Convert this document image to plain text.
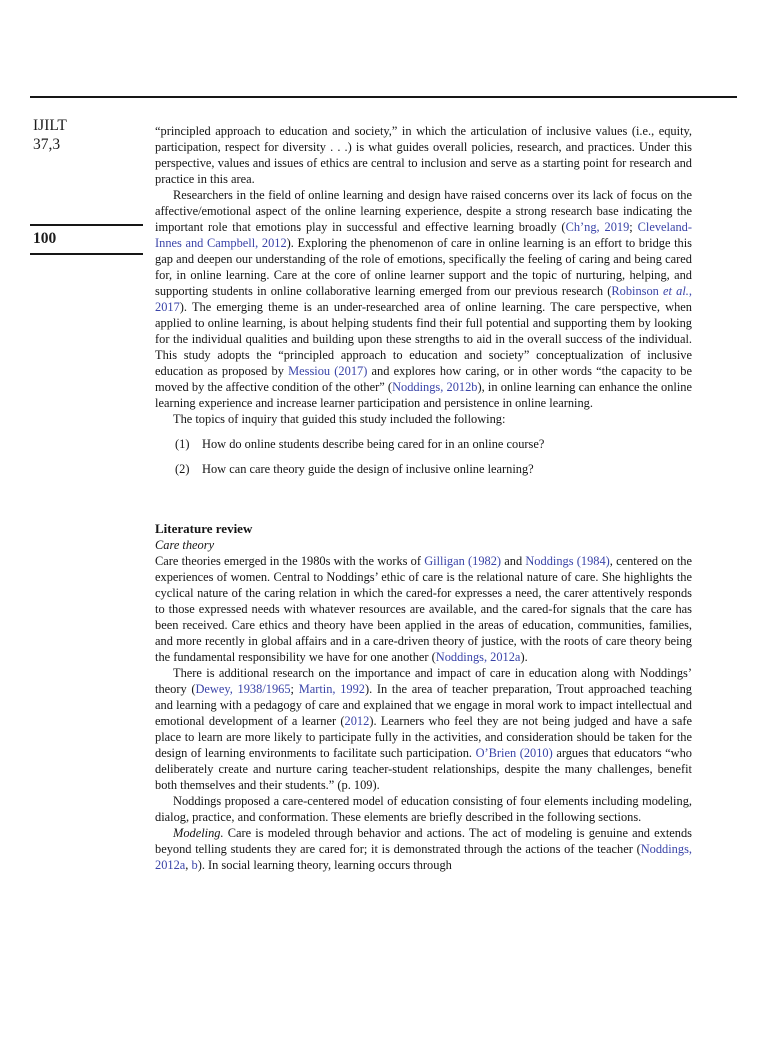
IJILT
37,3
100

“principled approach to education and society,” in which the articulation of inclusive values (i.e., equity, participation, respect for diversity . . .) is what guides overall policies, research, and practices. Under this perspective, values and issues of ethics are central to inclusion and serve as a starting point for research and practice in this area.

Researchers in the field of online learning and design have raised concerns over its lack of focus on the affective/emotional aspect of the online learning experience, despite a strong research base indicating the important role that emotions play in successful and effective learning broadly (Ch’ng, 2019; Cleveland-Innes and Campbell, 2012). Exploring the phenomenon of care in online learning is an effort to bridge this gap and deepen our understanding of the role of emotions, specifically the feeling of caring and being cared for, in online learning. Care at the core of online learner support and the topic of nurturing, helping, and supporting students in online collaborative learning emerged from our previous research (Robinson et al., 2017). The emerging theme is an under-researched area of online learning. The care perspective, when applied to online learning, is about helping students find their full potential and supporting them by looking for the individual qualities and building upon these strengths to aid in the overall success of the individual. This study adopts the “principled approach to education and society” conceptualization of inclusive education as proposed by Messiou (2017) and explores how caring, or in other words “the capacity to be moved by the affective condition of the other” (Noddings, 2012b), in online learning can enhance the online learning experience and increase learner participation and persistence in online learning.

The topics of inquiry that guided this study included the following:

(1) How do online students describe being cared for in an online course?
(2) How can care theory guide the design of inclusive online learning?
Literature review
Care theory

Care theories emerged in the 1980s with the works of Gilligan (1982) and Noddings (1984), centered on the experiences of women. Central to Noddings’ ethic of care is the relational nature of care. She highlights the cyclical nature of the caring relation in which the cared-for expresses a need, the carer attentively responds to those expressed needs with whatever resources are available, and the cared-for signals that the care has been received. Care ethics and theory have been applied in the areas of education, communities, families, and more recently in global affairs and in a care-driven theory of justice, with the roots of care theory being the fundamental responsibility we have for one another (Noddings, 2012a).

There is additional research on the importance and impact of care in education along with Noddings’ theory (Dewey, 1938/1965; Martin, 1992). In the area of teacher preparation, Trout approached teaching and learning with a pedagogy of care and explained that we engage in moral work to impact intellectual and emotional development of a learner (2012). Learners who feel they are not being judged and have a safe place to learn are more likely to participate fully in the activities, and consideration should be taken for the design of learning environments to facilitate such participation. O’Brien (2010) argues that educators “who deliberately create and nurture caring teacher-student relationships, despite the many challenges, benefit both themselves and their students.” (p. 109).

Noddings proposed a care-centered model of education consisting of four elements including modeling, dialog, practice, and conformation. These elements are briefly described in the following sections.

Modeling. Care is modeled through behavior and actions. The act of modeling is genuine and extends beyond telling students they are cared for; it is demonstrated through the actions of the teacher (Noddings, 2012a, b). In social learning theory, learning occurs through
